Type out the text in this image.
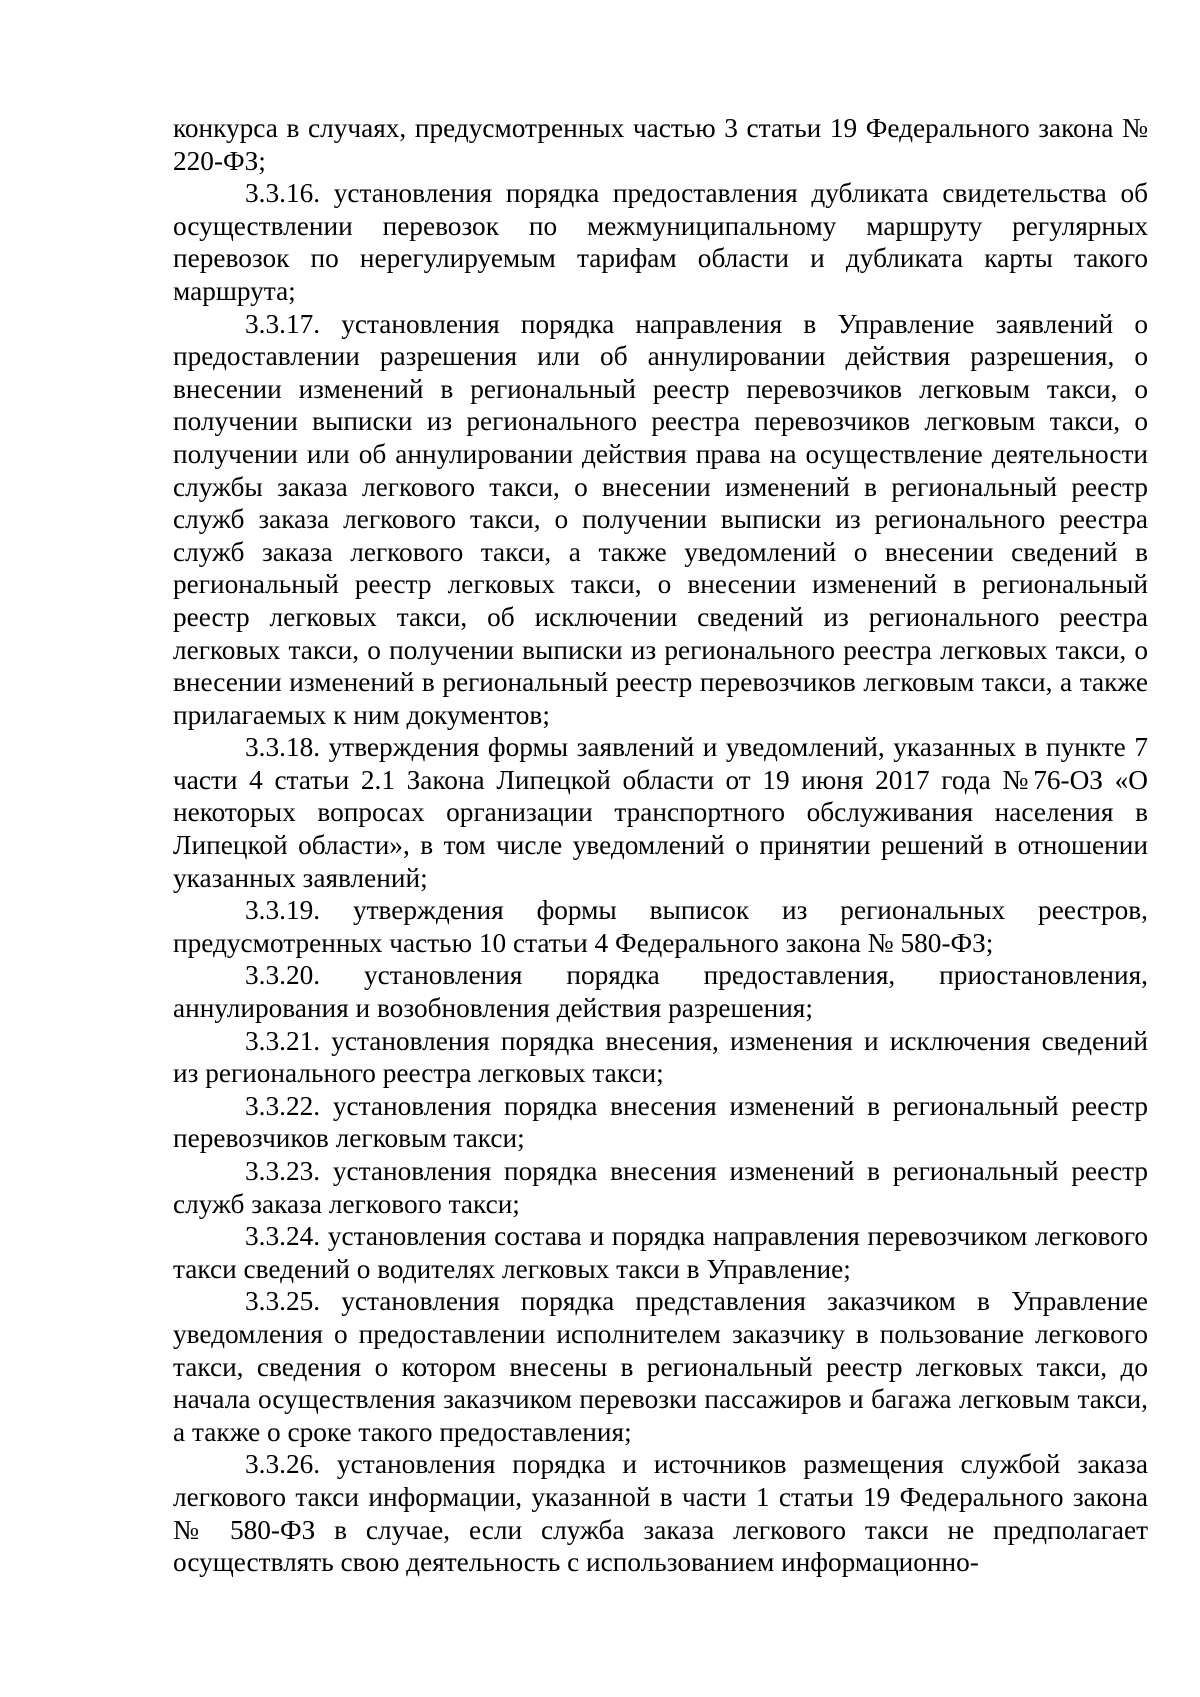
конкурса в случаях, предусмотренных частью 3 статьи 19 Федерального закона № 220-ФЗ;

3.3.16. установления порядка предоставления дубликата свидетельства об осуществлении перевозок по межмуниципальному маршруту регулярных перевозок по нерегулируемым тарифам области и дубликата карты такого маршрута;

3.3.17. установления порядка направления в Управление заявлений о предоставлении разрешения или об аннулировании действия разрешения, о внесении изменений в региональный реестр перевозчиков легковым такси, о получении выписки из регионального реестра перевозчиков легковым такси, о получении или об аннулировании действия права на осуществление деятельности службы заказа легкового такси, о внесении изменений в региональный реестр служб заказа легкового такси, о получении выписки из регионального реестра служб заказа легкового такси, а также уведомлений о внесении сведений в региональный реестр легковых такси, о внесении изменений в региональный реестр легковых такси, об исключении сведений из регионального реестра легковых такси, о получении выписки из регионального реестра легковых такси, о внесении изменений в региональный реестр перевозчиков легковым такси, а также прилагаемых к ним документов;

3.3.18. утверждения формы заявлений и уведомлений, указанных в пункте 7 части 4 статьи 2.1 Закона Липецкой области от 19 июня 2017 года №76-ОЗ «О некоторых вопросах организации транспортного обслуживания населения в Липецкой области», в том числе уведомлений о принятии решений в отношении указанных заявлений;

3.3.19. утверждения формы выписок из региональных реестров, предусмотренных частью 10 статьи 4 Федерального закона № 580-ФЗ;

3.3.20. установления порядка предоставления, приостановления, аннулирования и возобновления действия разрешения;

3.3.21. установления порядка внесения, изменения и исключения сведений из регионального реестра легковых такси;

3.3.22. установления порядка внесения изменений в региональный реестр перевозчиков легковым такси;

3.3.23. установления порядка внесения изменений в региональный реестр служб заказа легкового такси;

3.3.24. установления состава и порядка направления перевозчиком легкового такси сведений о водителях легковых такси в Управление;

3.3.25. установления порядка представления заказчиком в Управление уведомления о предоставлении исполнителем заказчику в пользование легкового такси, сведения о котором внесены в региональный реестр легковых такси, до начала осуществления заказчиком перевозки пассажиров и багажа легковым такси, а также о сроке такого предоставления;

3.3.26. установления порядка и источников размещения службой заказа легкового такси информации, указанной в части 1 статьи 19 Федерального закона № 580-ФЗ в случае, если служба заказа легкового такси не предполагает осуществлять свою деятельность с использованием информационно-
